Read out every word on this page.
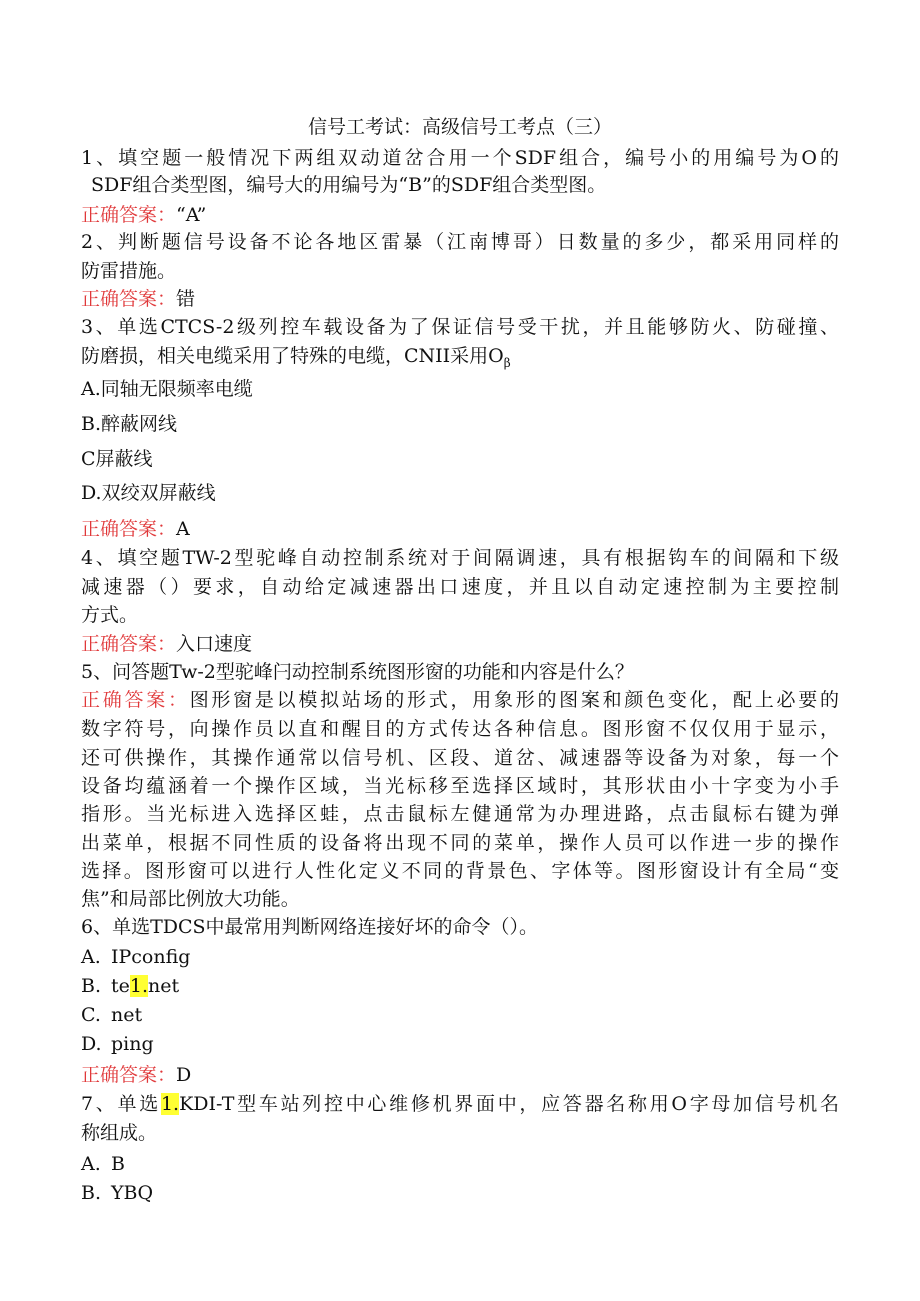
信号工考试：高级信号工考点（三）
1、填空题一般情况下两组双动道岔合用一个SDF组合，编号小的用编号为O的
SDF组合类型图，编号大的用编号为“B”的SDF组合类型图。
正确答案：“A”
2、判断题信号设备不论各地区雷暴（江南博哥）日数量的多少，都采用同样的
防雷措施。
正确答案：错
3、单选CTCS-2级列控车载设备为了保证信号受干扰，并且能够防火、防碰撞、
防磨损，相关电缆采用了特殊的电缆，CNII采用$O_\beta$
A.同轴无限频率电缆
B.醉蔽网线
C屏蔽线
D.双绞双屏蔽线
正确答案：A
4、填空题TW-2型驼峰自动控制系统对于间隔调速，具有根据钩车的间隔和下级
减速器（）要求，自动给定减速器出口速度，并且以自动定速控制为主要控制
方式。
正确答案：入口速度
5、问答题Tw-2型驼峰闩动控制系统图形窗的功能和内容是什么？
正确答案：图形窗是以模拟站场的形式，用象形的图案和颜色变化，配上必要的
数字符号，向操作员以直和醒目的方式传达各种信息。图形窗不仅仅用于显示，
还可供操作，其操作通常以信号机、区段、道岔、减速器等设备为对象，每一个
设备均蕴涵着一个操作区域，当光标移至选择区域时，其形状由小十字变为小手
指形。当光标进入选择区蛙，点击鼠标左健通常为办理进路，点击鼠标右键为弹
出菜单，根据不同性质的设备将出现不同的菜单，操作人员可以作进一步的操作
选择。图形窗可以进行人性化定义不同的背景色、字体等。图形窗设计有全局“变
焦”和局部比例放大功能。
6、单选TDCS中最常用判断网络连接好坏的命令（）。
A. IPconfig
B. te1.net
C. net
D. ping
正确答案：D
7、单选1.KDI-T型车站列控中心维修机界面中，应答器名称用O字母加信号机名
称组成。
A. B
B. YBQ
